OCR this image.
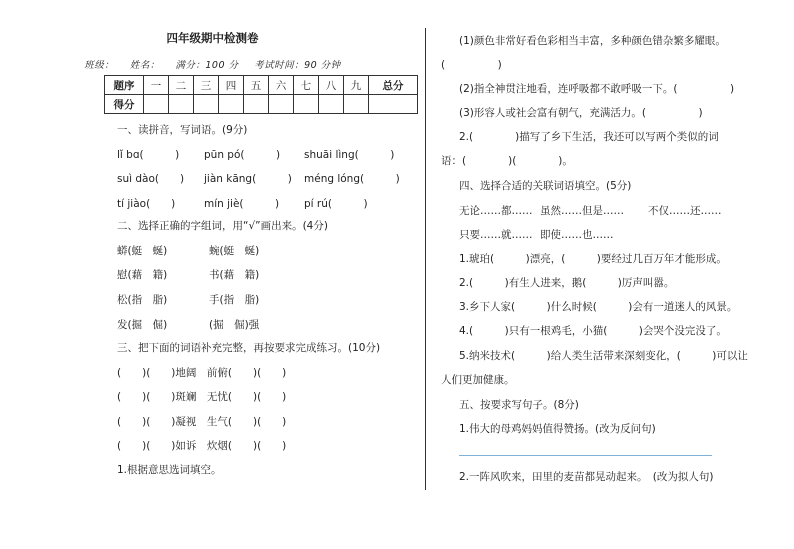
四年级期中检测卷
班级： 姓名： 满分：100 分 考试时间：90 分钟
题序	一	二	三	四	五	六	七	八	九	总分
得分										
一、读拼音，写词语。(9分)
lǐ bɑ(　　　) pūn pó(　　　) shuāi lìng(　　　)
suì dào(　　) jiàn kāng(　　　) méng lóng(　　　)
tí jiào(　　)	mín jiè(　　　) pí rú(　　　)
二、选择正确的字组词，用“√”画出来。(4分)
蟒(蜓　蜒)	蜿(蜓　蜒)
慰(藉　籍)	书(藉　籍)
松(指　脂)	手(指　脂)
发(掘　倔)	(掘　倔)强
三、把下面的词语补充完整，再按要求完成练习。(10分)
(　　)(　　)地阔　前俯(　　)(　　)
(　　)(　　)斑斓　无忧(　　)(　　)
(　　)(　　)凝视　生气(　　)(　　)
(　　)(　　)如诉　炊烟(　　)(　　)
1.根据意思选词填空。
(1)颜色非常好看色彩相当丰富，多种颜色错杂繁多耀眼。
(　　　　　)
(2)指全神贯注地看，连呼吸都不敢呼吸一下。(　　　　　)
(3)形容人或社会富有朝气，充满活力。(　　　　　)
2.(　　　　)描写了乡下生活，我还可以写两个类似的词
语：(　　　　)(　　　　)。
四、选择合适的关联词语填空。(5分)
无论……都…… 虽然……但是…… 不仅……还……
只要……就…… 即使……也……
1.琥珀(　　　)漂亮，(　　　)要经过几百万年才能形成。
2.(　　　)有生人进来，鹅(　　　)厉声叫嚣。
3.乡下人家(　　　)什么时候(　　　)会有一道迷人的风景。
4.(　　　)只有一根鸡毛，小猫(　　　)会哭个没完没了。
5.纳米技术(　　　)给人类生活带来深刻变化，(　　　)可以让
人们更加健康。
五、按要求写句子。(8分)
1.伟大的母鸡妈妈值得赞扬。(改为反问句)
2.一阵风吹来，田里的麦苗都晃动起来。　(改为拟人句)
